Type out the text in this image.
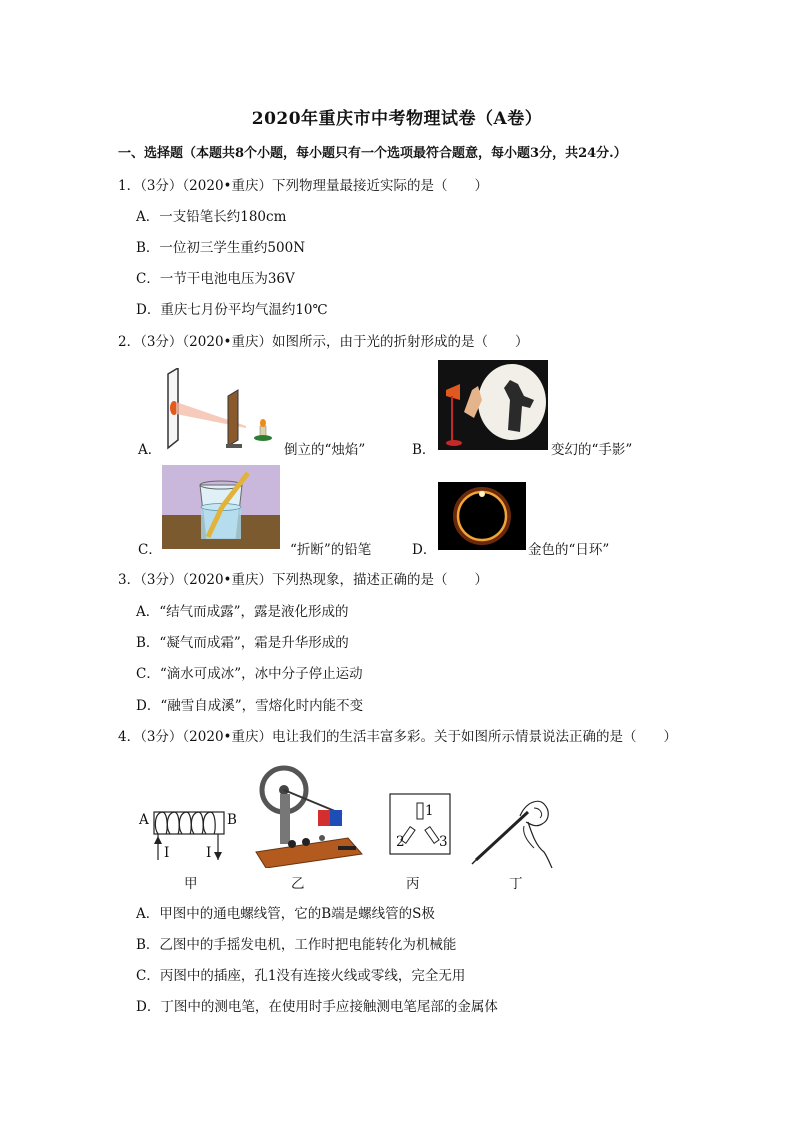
2020年重庆市中考物理试卷（A卷）
一、选择题（本题共8个小题，每小题只有一个选项最符合题意，每小题3分，共24分.）
1．（3分）（2020•重庆）下列物理量最接近实际的是（　　）
A．一支铅笔长约180cm
B．一位初三学生重约500N
C．一节干电池电压为36V
D．重庆七月份平均气温约10℃
2．（3分）（2020•重庆）如图所示，由于光的折射形成的是（　　）
A．	倒立的“烛焰”	B．	变幻的“手影”
C．	“折断”的铅笔	D．	金色的“日环”
3．（3分）（2020•重庆）下列热现象，描述正确的是（　　）
A．“结气而成露”，露是液化形成的
B．“凝气而成霜”，霜是升华形成的
C．“滴水可成冰”，冰中分子停止运动
D．“融雪自成溪”，雪熔化时内能不变
4．（3分）（2020•重庆）电让我们的生活丰富多彩。关于如图所示情景说法正确的是（　　）
A	B
I	I
甲	乙
1
2	3
丙	丁
A．甲图中的通电螺线管，它的B端是螺线管的S极
B．乙图中的手摇发电机，工作时把电能转化为机械能
C．丙图中的插座，孔1没有连接火线或零线，完全无用
D．丁图中的测电笔，在使用时手应接触测电笔尾部的金属体
